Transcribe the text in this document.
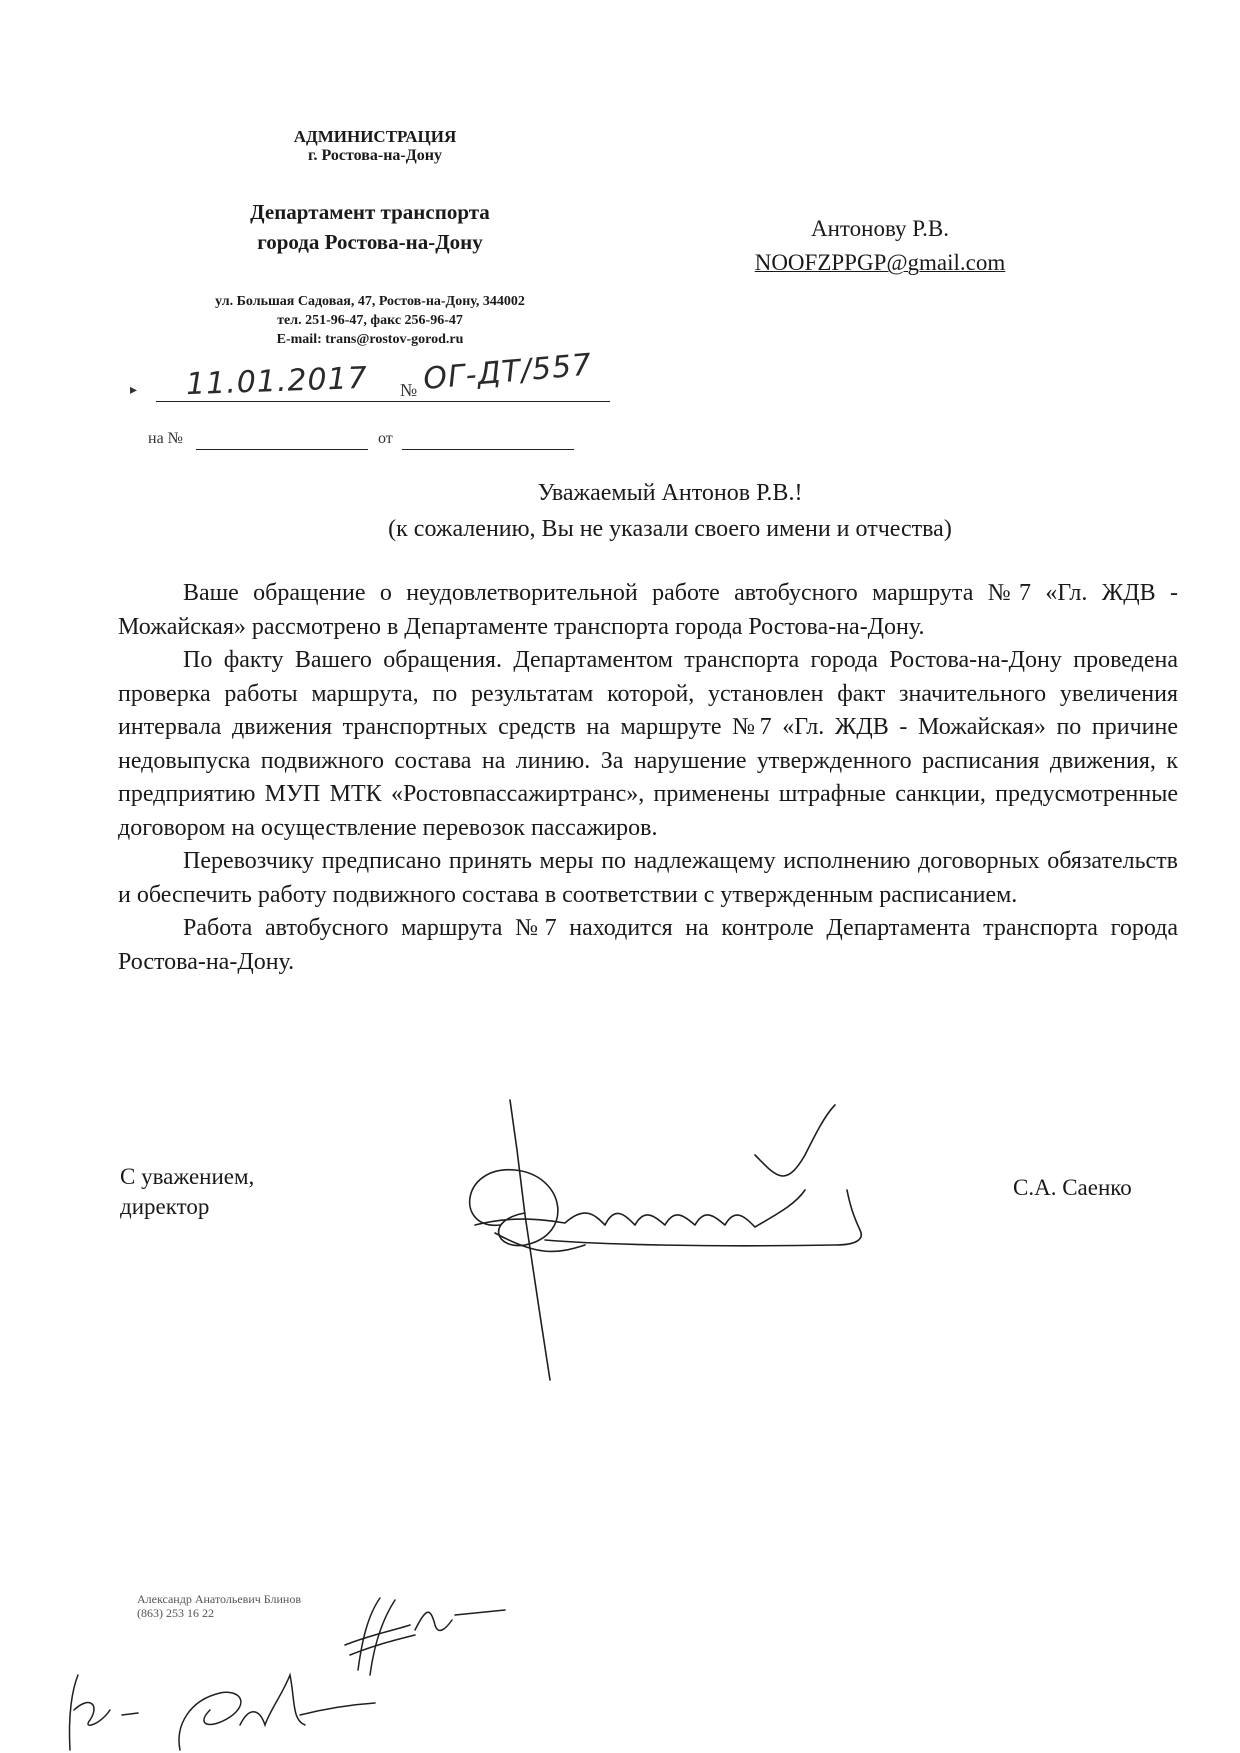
АДМИНИСТРАЦИЯ
г. Ростова-на-Дону
Департамент транспорта
города Ростова-на-Дону
ул. Большая Садовая, 47, Ростов-на-Дону, 344002
тел. 251-96-47, факс 256-96-47
E-mail: trans@rostov-gorod.ru
▸ 11.01.2017 № ОГ-ДТ/557
на №	от
Антонову Р.В.
NOOFZPPGP@gmail.com
Уважаемый Антонов Р.В.!
(к сожалению, Вы не указали своего имени и отчества)

Ваше обращение о неудовлетворительной работе автобусного маршрута №7 «Гл. ЖДВ - Можайская» рассмотрено в Департаменте транспорта города Ростова-на-Дону.

По факту Вашего обращения. Департаментом транспорта города Ростова-на-Дону проведена проверка работы маршрута, по результатам которой, установлен факт значительного увеличения интервала движения транспортных средств на маршруте №7 «Гл. ЖДВ - Можайская» по причине недовыпуска подвижного состава на линию. За нарушение утвержденного расписания движения, к предприятию МУП МТК «Ростовпассажиртранс», применены штрафные санкции, предусмотренные договором на осуществление перевозок пассажиров.

Перевозчику предписано принять меры по надлежащему исполнению договорных обязательств и обеспечить работу подвижного состава в соответствии с утвержденным расписанием.

Работа автобусного маршрута №7 находится на контроле Департамента транспорта города Ростова-на-Дону.

С уважением,
директор
С.А. Саенко
Александр Анатольевич Блинов
(863) 253 16 22
